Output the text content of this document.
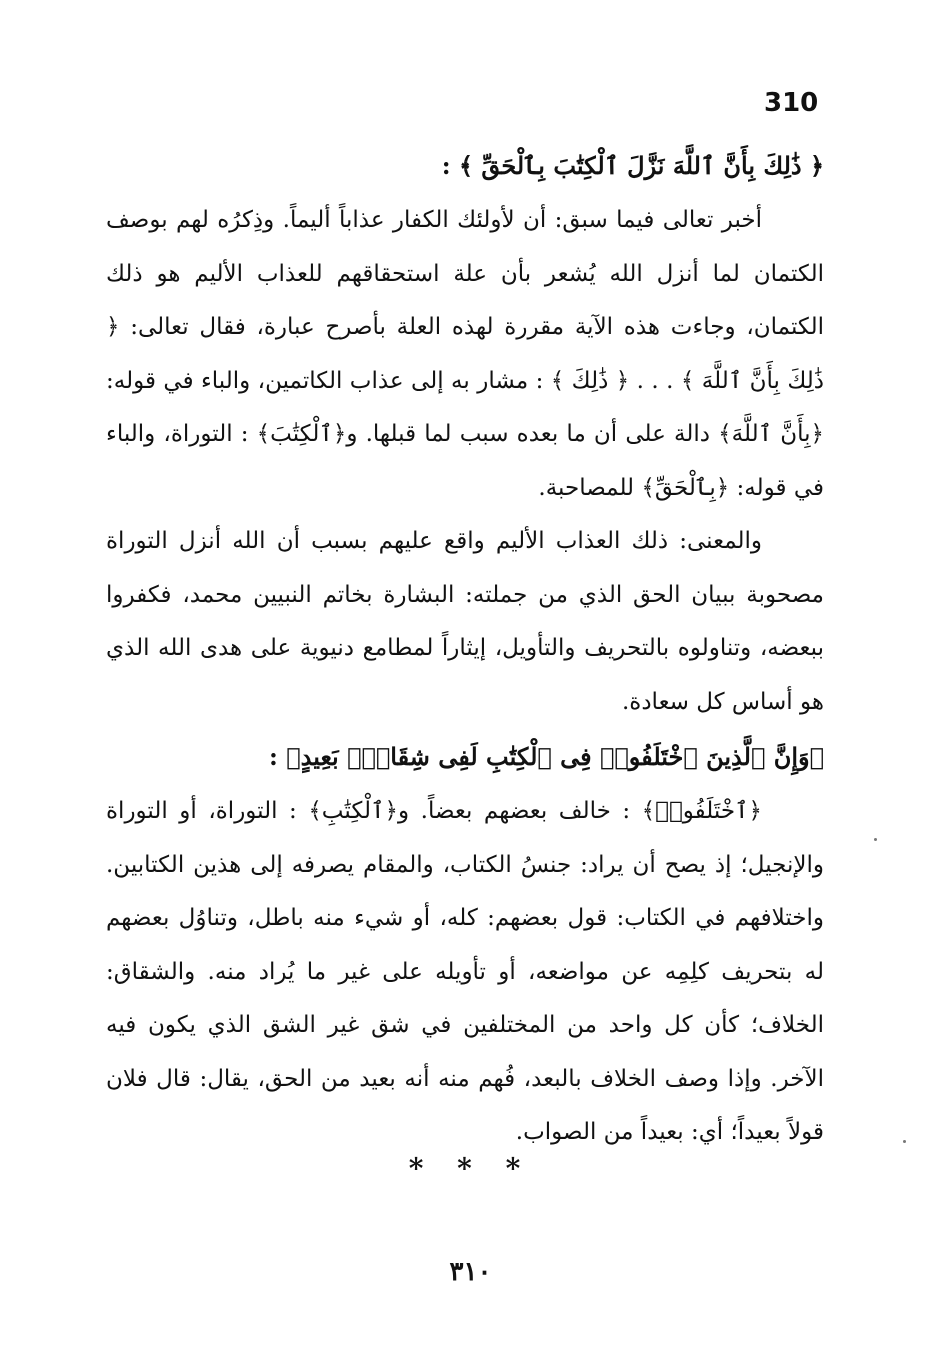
310

﴿ ذَٰلِكَ بِأَنَّ ٱللَّهَ نَزَّلَ ٱلْكِتَٰبَ بِٱلْحَقِّ ﴾ :

أخبر تعالى فيما سبق: أن لأولئك الكفار عذاباً أليماً. وذِكرُه لهم بوصف الكتمان لما أنزل الله يُشعر بأن علة استحقاقهم للعذاب الأليم هو ذلك الكتمان، وجاءت هذه الآية مقررة لهذه العلة بأصرح عبارة، فقال تعالى: ﴿ ذَٰلِكَ بِأَنَّ ٱللَّهَ ﴾ . . . ﴿ ذَٰلِكَ ﴾ : مشار به إلى عذاب الكاتمين، والباء في قوله: ﴿بِأَنَّ ٱللَّهَ﴾ دالة على أن ما بعده سبب لما قبلها. و﴿ٱلْكِتَٰبَ﴾ : التوراة، والباء في قوله: ﴿بِٱلْحَقِّ﴾ للمصاحبة.

والمعنى: ذلك العذاب الأليم واقع عليهم بسبب أن الله أنزل التوراة مصحوبة ببيان الحق الذي من جملته: البشارة بخاتم النبيين محمد، فكفروا ببعضه، وتناولوه بالتحريف والتأويل، إيثاراً لمطامع دنيوية على هدى الله الذي هو أساس كل سعادة.

﴿وَإِنَّ ٱلَّذِينَ ٱخْتَلَفُوا۟ فِى ٱلْكِتَٰبِ لَفِى شِقَاقٍۭ بَعِيدٍ﴾ :

﴿ٱخْتَلَفُوا۟﴾ : خالف بعضهم بعضاً. و﴿ٱلْكِتَٰبِ﴾ : التوراة، أو التوراة والإنجيل؛ إذ يصح أن يراد: جنسُ الكتاب، والمقام يصرفه إلى هذين الكتابين. واختلافهم في الكتاب: قول بعضهم: كله، أو شيء منه باطل، وتناوُل بعضهم له بتحريف كلِمِه عن مواضعه، أو تأويله على غير ما يُراد منه. والشقاق: الخلاف؛ كأن كل واحد من المختلفين في شق غير الشق الذي يكون فيه الآخر. وإذا وصف الخلاف بالبعد، فُهم منه أنه بعيد من الحق، يقال: قال فلان قولاً بعيداً؛ أي: بعيداً من الصواب.

* * *
٣١٠
